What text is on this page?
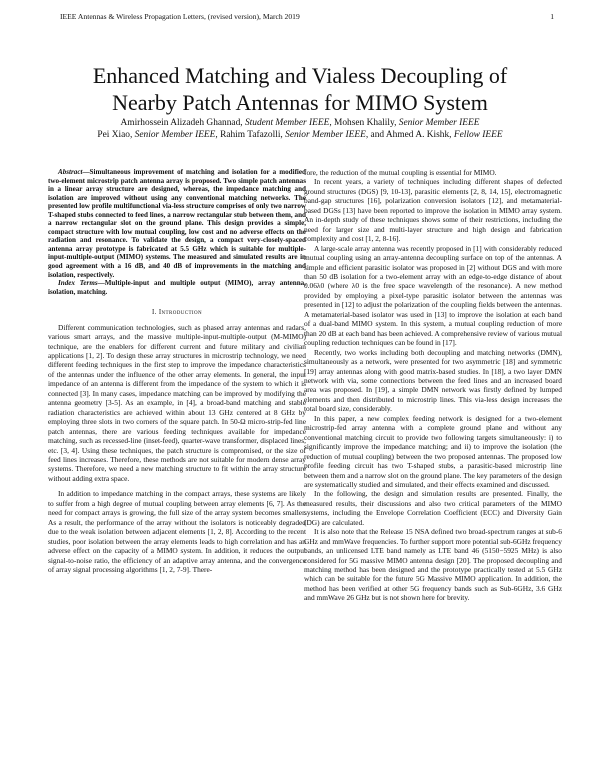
IEEE Antennas & Wireless Propagation Letters, (revised version), March 2019	1
Enhanced Matching and Vialess Decoupling of
Nearby Patch Antennas for MIMO System
Amirhossein Alizadeh Ghannad, Student Member IEEE, Mohsen Khalily, Senior Member IEEE
Pei Xiao, Senior Member IEEE, Rahim Tafazolli, Senior Member IEEE, and Ahmed A. Kishk, Fellow IEEE

Abstract—Simultaneous improvement of matching and isolation for a modified two-element microstrip patch antenna array is proposed. Two simple patch antennas in a linear array structure are designed, whereas, the impedance matching and isolation are improved without using any conventional matching networks. The presented low profile multifunctional via-less structure comprises of only two narrow T-shaped stubs connected to feed lines, a narrow rectangular stub between them, and a narrow rectangular slot on the ground plane. This design provides a simple, compact structure with low mutual coupling, low cost and no adverse effects on the radiation and resonance. To validate the design, a compact very-closely-spaced antenna array prototype is fabricated at 5.5 GHz which is suitable for multiple-input-multiple-output (MIMO) systems. The measured and simulated results are in good agreement with a 16 dB, and 40 dB of improvements in the matching and isolation, respectively.

Index Terms—Multiple-input and multiple output (MIMO), array antenna, isolation, matching.

I. Introduction

Different communication technologies, such as phased array antennas and radars, various smart arrays, and the massive multiple-input-multiple-output (M-MIMO) technique, are the enablers for different current and future military and civilian applications [1, 2]. To design these array structures in microstrip technology, we need different feeding techniques in the first step to improve the impedance characteristics of the antennas under the influence of the other array elements. In general, the input impedance of an antenna is different from the impedance of the system to which it is connected [3]. In many cases, impedance matching can be improved by modifying the antenna geometry [3-5]. As an example, in [4], a broad-band matching and stable radiation characteristics are achieved within about 13 GHz centered at 8 GHz by employing three slots in two corners of the square patch. In 50-Ω micro-strip-fed line patch antennas, there are various feeding techniques available for impedance matching, such as recessed-line (inset-feed), quarter-wave transformer, displaced lines, etc. [3, 4]. Using these techniques, the patch structure is compromised, or the size of feed lines increases. Therefore, these methods are not suitable for modern dense array systems. Therefore, we need a new matching structure to fit within the array structure without adding extra space.

In addition to impedance matching in the compact arrays, these systems are likely to suffer from a high degree of mutual coupling between array elements [6, 7]. As the need for compact arrays is growing, the full size of the array system becomes smaller. As a result, the performance of the array without the isolators is noticeably degraded due to the weak isolation between adjacent elements [1, 2, 8]. According to the recent studies, poor isolation between the array elements leads to high correlation and has an adverse effect on the capacity of a MIMO system. In addition, it reduces the output signal-to-noise ratio, the efficiency of an adaptive array antenna, and the convergence of array signal processing algorithms [1, 2, 7-9]. There-

fore, the reduction of the mutual coupling is essential for MIMO.

In recent years, a variety of techniques including different shapes of defected ground structures (DGS) [9, 10-13], parasitic elements [2, 8, 14, 15], electromagnetic band-gap structures [16], polarization conversion isolators [12], and metamaterial-based DGSs [13] have been reported to improve the isolation in MIMO array system. An in-depth study of these techniques shows some of their restrictions, including the need for larger size and multi-layer structure and high design and fabrication complexity and cost [1, 2, 8-16].

A large-scale array antenna was recently proposed in [1] with considerably reduced mutual coupling using an array-antenna decoupling surface on top of the antennas. A simple and efficient parasitic isolator was proposed in [2] without DGS and with more than 50 dB isolation for a two-element array with an edge-to-edge distance of about 0.06λ0 (where λ0 is the free space wavelength of the resonance). A new method provided by employing a pixel-type parasitic isolator between the antennas was presented in [12] to adjust the polarization of the coupling fields between the antennas. A metamaterial-based isolator was used in [13] to improve the isolation at each band of a dual-band MIMO system. In this system, a mutual coupling reduction of more than 20 dB at each band has been achieved. A comprehensive review of various mutual coupling reduction techniques can be found in [17].

Recently, two works including both decoupling and matching networks (DMN), simultaneously as a network, were presented for two asymmetric [18] and symmetric [19] array antennas along with good matrix-based studies. In [18], a two layer DMN network with via, some connections between the feed lines and an increased board area was proposed. In [19], a simple DMN network was firstly defined by lumped elements and then distributed to microstrip lines. This via-less design increases the total board size, considerably.

In this paper, a new complex feeding network is designed for a two-element microstrip-fed array antenna with a complete ground plane and without any conventional matching circuit to provide two following targets simultaneously: i) to significantly improve the impedance matching; and ii) to improve the isolation (the reduction of mutual coupling) between the two proposed antennas. The proposed low profile feeding circuit has two T-shaped stubs, a parasitic-based microstrip line between them and a narrow slot on the ground plane. The key parameters of the design are systematically studied and simulated, and their effects examined and discussed.

In the following, the design and simulation results are presented. Finally, the measured results, their discussions and also two critical parameters of the MIMO systems, including the Envelope Correlation Coefficient (ECC) and Diversity Gain (DG) are calculated.

It is also note that the Release 15 NSA defined two broad-spectrum ranges at sub-6 GHz and mmWave frequencies. To further support more potential sub-6GHz frequency bands, an unlicensed LTE band namely as LTE band 46 (5150−5925 MHz) is also considered for 5G massive MIMO antenna design [20]. The proposed decoupling and matching method has been designed and the prototype practically tested at 5.5 GHz which can be suitable for the future 5G Massive MIMO application. In addition, the method has been verified at other 5G frequency bands such as Sub-6GHz, 3.6 GHz and mmWave 26 GHz but is not shown here for brevity.
